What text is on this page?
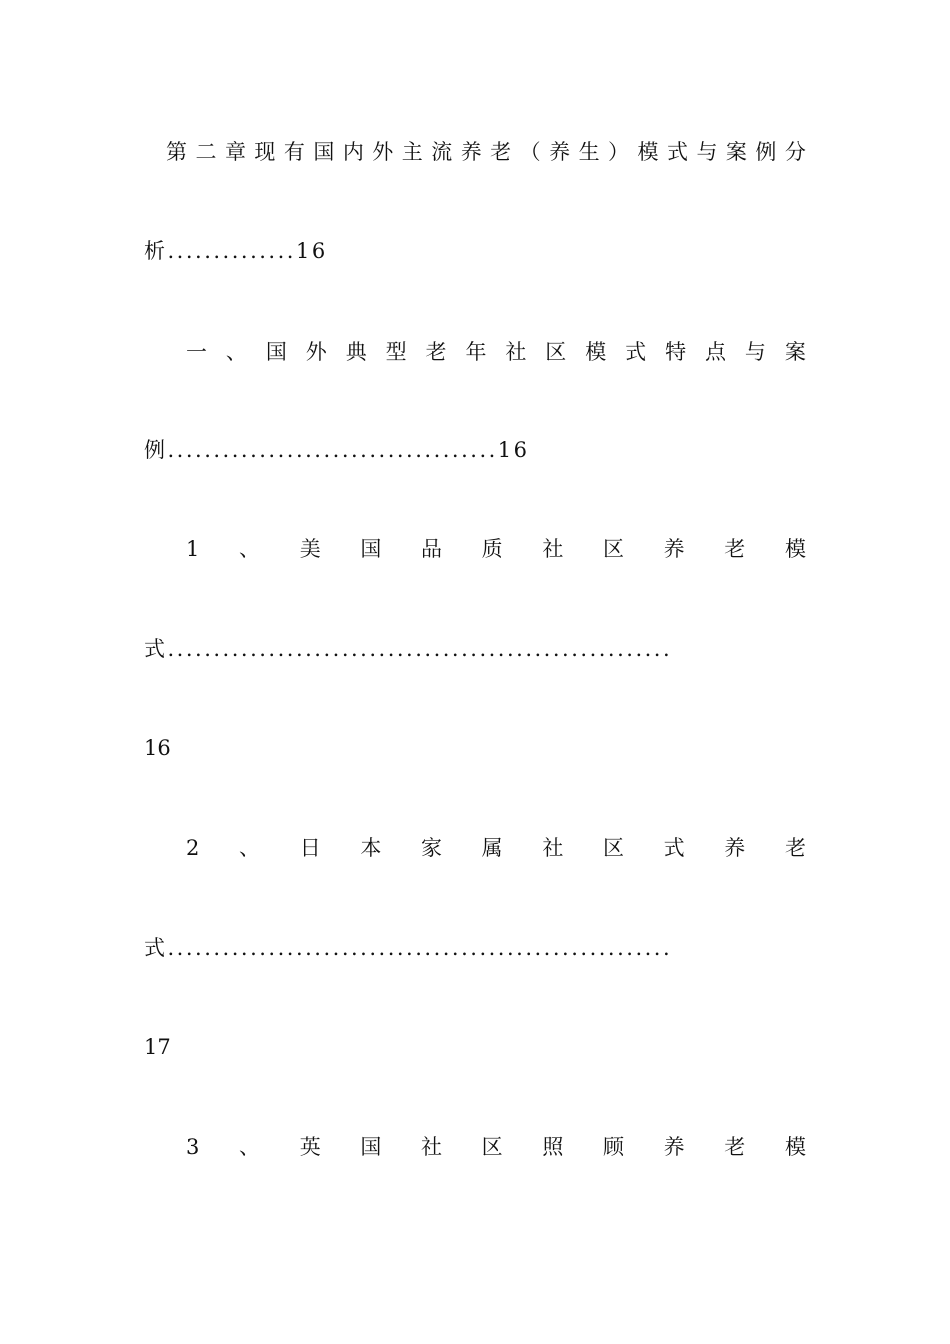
第 二 章 现 有 国 内 外 主 流 养 老 （ 养 生 ） 模 式 与 案 例 分
析..............16
一 、 国 外 典 型 老 年 社 区 模 式 特 点 与 案
例....................................16
1 、 美 国 品 质 社 区 养 老 模
式.......................................................
16
2 、 日 本 家 属 社 区 式 养 老
式.......................................................
17
3 、 英 国 社 区 照 顾 养 老 模
